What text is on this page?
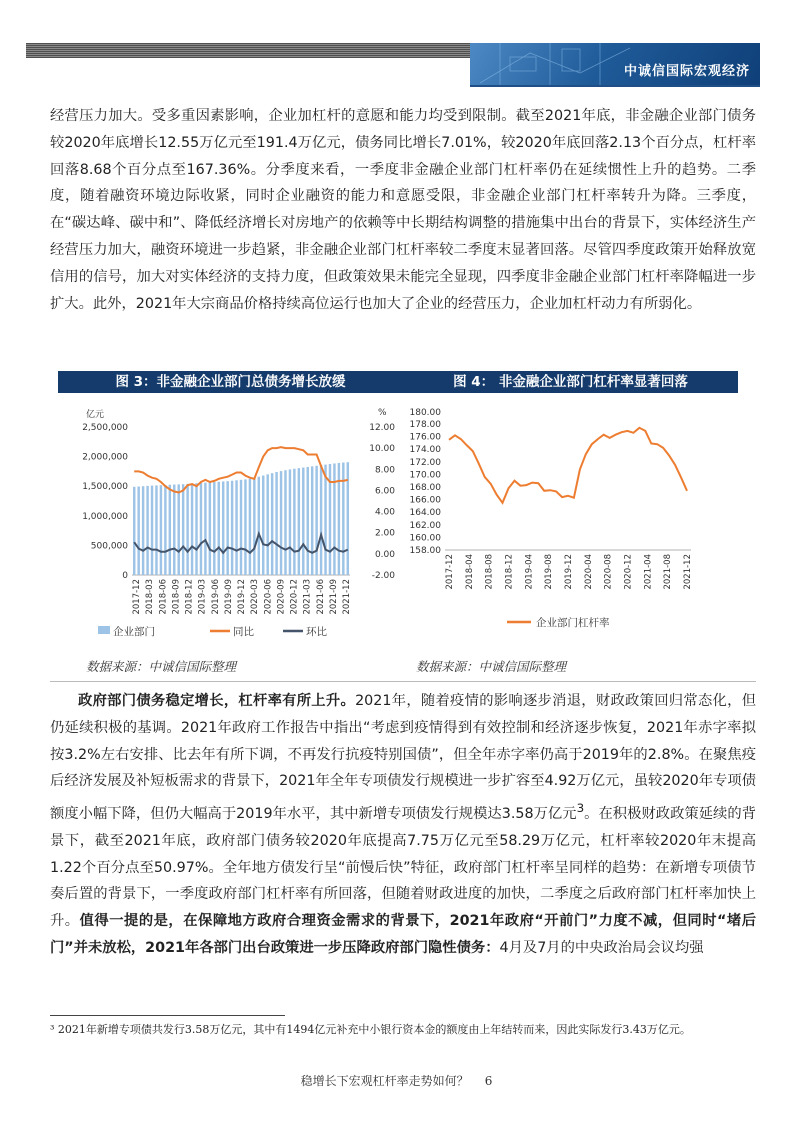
中诚信国际宏观经济

经营压力加大。受多重因素影响，企业加杠杆的意愿和能力均受到限制。截至2021年底，非金融企业部门债务较2020年底增长12.55万亿元至191.4万亿元，债务同比增长7.01%，较2020年底回落2.13个百分点，杠杆率回落8.68个百分点至167.36%。分季度来看，一季度非金融企业部门杠杆率仍在延续惯性上升的趋势。二季度，随着融资环境边际收紧，同时企业融资的能力和意愿受限，非金融企业部门杠杆率转升为降。三季度，在“碳达峰、碳中和”、降低经济增长对房地产的依赖等中长期结构调整的措施集中出台的背景下，实体经济生产经营压力加大，融资环境进一步趋紧，非金融企业部门杠杆率较二季度末显著回落。尽管四季度政策开始释放宽信用的信号，加大对实体经济的支持力度，但政策效果未能完全显现，四季度非金融企业部门杠杆率降幅进一步扩大。此外，2021年大宗商品价格持续高位运行也加大了企业的经营压力，企业加杠杆动力有所弱化。

图 3：非金融企业部门总债务增长放缓	图 4： 非金融企业部门杠杆率显著回落
亿元	%
2,500,000
2,000,000
1,500,000
1,000,000
500,000
0
12.00
10.00
8.00
6.00
4.00
2.00
0.00
-2.00
2017-12 2018-03 2018-06 2018-09 2018-12 2019-03 2019-06 2019-09 2019-12 2020-03 2020-06 2020-09 2020-12 2021-03 2021-06 2021-09 2021-12
企业部门	同比	环比
180.00
178.00
176.00
174.00
172.00
170.00
168.00
166.00
164.00
162.00
160.00
158.00
2017-12 2018-04 2018-08 2018-12 2019-04 2019-08 2019-12 2020-04 2020-08 2020-12 2021-04 2021-08 2021-12
企业部门杠杆率
数据来源：中诚信国际整理	数据来源：中诚信国际整理

政府部门债务稳定增长，杠杆率有所上升。2021年，随着疫情的影响逐步消退，财政政策回归常态化，但仍延续积极的基调。2021年政府工作报告中指出“考虑到疫情得到有效控制和经济逐步恢复，2021年赤字率拟按3.2%左右安排、比去年有所下调，不再发行抗疫特别国债”，但全年赤字率仍高于2019年的2.8%。在聚焦疫后经济发展及补短板需求的背景下，2021年全年专项债发行规模进一步扩容至4.92万亿元，虽较2020年专项债额度小幅下降，但仍大幅高于2019年水平，其中新增专项债发行规模达3.58万亿元$^3$。在积极财政政策延续的背景下，截至2021年底，政府部门债务较2020年底提高7.75万亿元至58.29万亿元，杠杆率较2020年末提高1.22个百分点至50.97%。全年地方债发行呈“前慢后快”特征，政府部门杠杆率呈同样的趋势：在新增专项债节奏后置的背景下，一季度政府部门杠杆率有所回落，但随着财政进度的加快，二季度之后政府部门杠杆率加快上升。值得一提的是，在保障地方政府合理资金需求的背景下，2021年政府“开前门”力度不减，但同时“堵后门”并未放松，2021年各部门出台政策进一步压降政府部门隐性债务：4月及7月的中央政治局会议均强

³ 2021年新增专项债共发行3.58万亿元，其中有1494亿元补充中小银行资本金的额度由上年结转而来，因此实际发行3.43万亿元。
稳增长下宏观杠杆率走势如何？ 6
